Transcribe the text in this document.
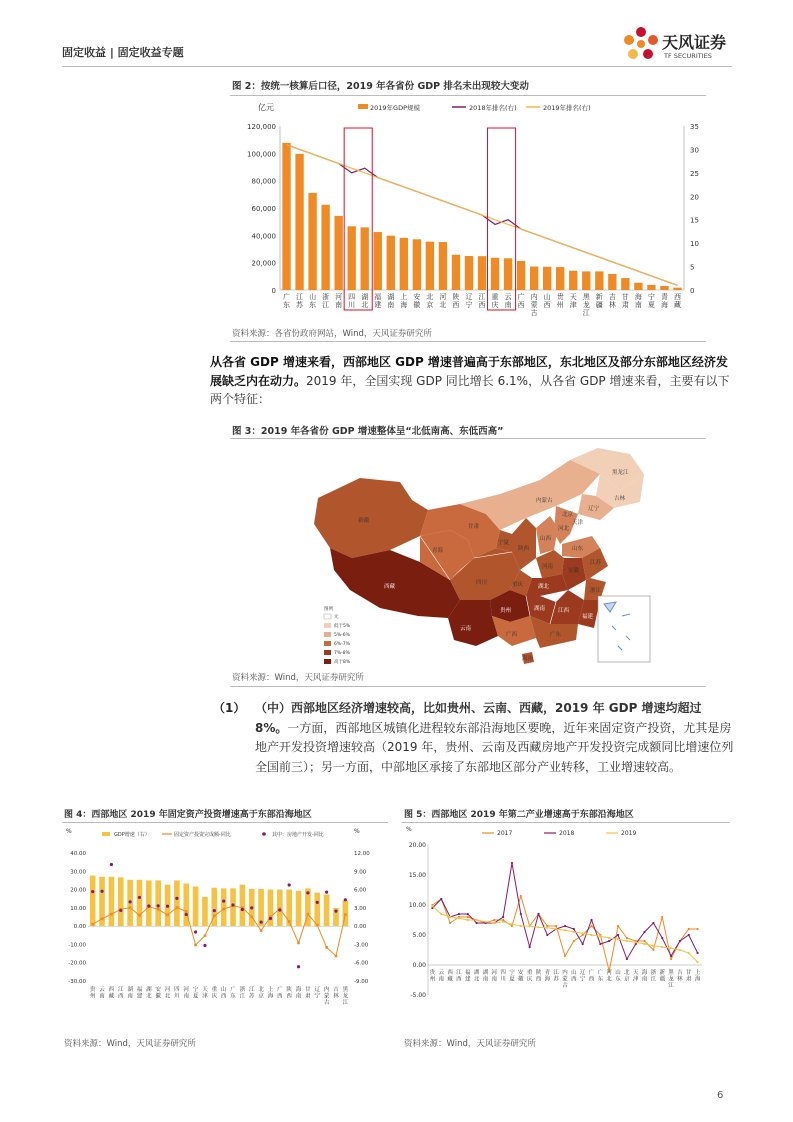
固定收益 | 固定收益专题
天风证券
TF SECURITIES
图 2：按统一核算后口径，2019 年各省份 GDP 排名未出现较大变动
亿元	2019年GDP规模	2018年排名(右)	2019年排名(右)
0
20,000
40,000
60,000
80,000
100,000
120,000
0
5
10
15
20
25
30
35
广
东
江
苏
山
东
浙
江
河
南
四
川
湖
北
福
建
湖
南
上
海
安
徽
北
京
河
北
陕
西
辽
宁
江
西
重
庆
云
南
广
西
内
蒙
古
山
西
贵
州
天
津
黑
龙
江
新
疆
吉
林
甘
肃
海
南
宁
夏
青
海
西
藏
资料来源：各省份政府网站，Wind，天风证券研究所
从各省 GDP 增速来看，西部地区 GDP 增速普遍高于东部地区，东北地区及部分东部地区经济发展缺乏内在动力。2019 年，全国实现 GDP 同比增长 6.1%，从各省 GDP 增速来看，主要有以下两个特征：
图 3：2019 年各省份 GDP 增速整体呈“北低南高、东低西高”
黑龙江
吉林
辽宁
内蒙古
新疆
西藏
青海
甘肃
宁夏
陕西
山西
河北
北京
天津
山东
河南
江苏
安徽
湖北
四川	重庆
贵州	湖南 江西
浙江
福建
云南
广西	广东
海南
图例
无
低于5%
5%-6%
6%-7%
7%-8%
高于8%
资料来源：Wind，天风证券研究所
（1） （中）西部地区经济增速较高，比如贵州、云南、西藏，2019 年 GDP 增速均超过 8%。一方面，西部地区城镇化进程较东部沿海地区要晚，近年来固定资产投资，尤其是房地产开发投资增速较高（2019 年，贵州、云南及西藏房地产开发投资完成额同比增速位列全国前三）；另一方面，中部地区承接了东部地区部分产业转移，工业增速较高。
图 4：西部地区 2019 年固定资产投资增速高于东部沿海地区
%	%
GDP增速（右）	固定资产投资完成额-同比	其中：房地产开发-同比
-30.00
-20.00
-10.00
0.00
10.00
20.00
30.00
40.00
-9.00
-6.00
-3.00
0.00
3.00
6.00
9.00
12.00
贵
州
云
南
西
藏
江
西
湖
南
福
建
湖
北
安
徽
河
北
四
川
河
南
宁
夏
天
津
重
庆
山
西
广
东
浙
江
江
苏
北
京
上
海
广
西
陕
西
海
南
甘
肃
辽
宁
内
蒙
古
吉
林
黑
龙
江
资料来源：Wind，天风证券研究所
图 5：西部地区 2019 年第二产业增速高于东部沿海地区
%
2017	2018	2019
-5.00
0.00
5.00
10.00
15.00
20.00
贵
州
云
南
西
藏
江
西
福
建
湖
北
湖
南
河
南
四
川
宁
夏
安
徽
重
庆
陕
西
青
海
江
苏
内
蒙
古
山
西
辽
宁
广
西
广
东
河
北
山
东
北
京
天
津
海
南
浙
江
新
疆
黑
龙
江
吉
林
甘
肃
上
海
资料来源：Wind，天风证券研究所
6
